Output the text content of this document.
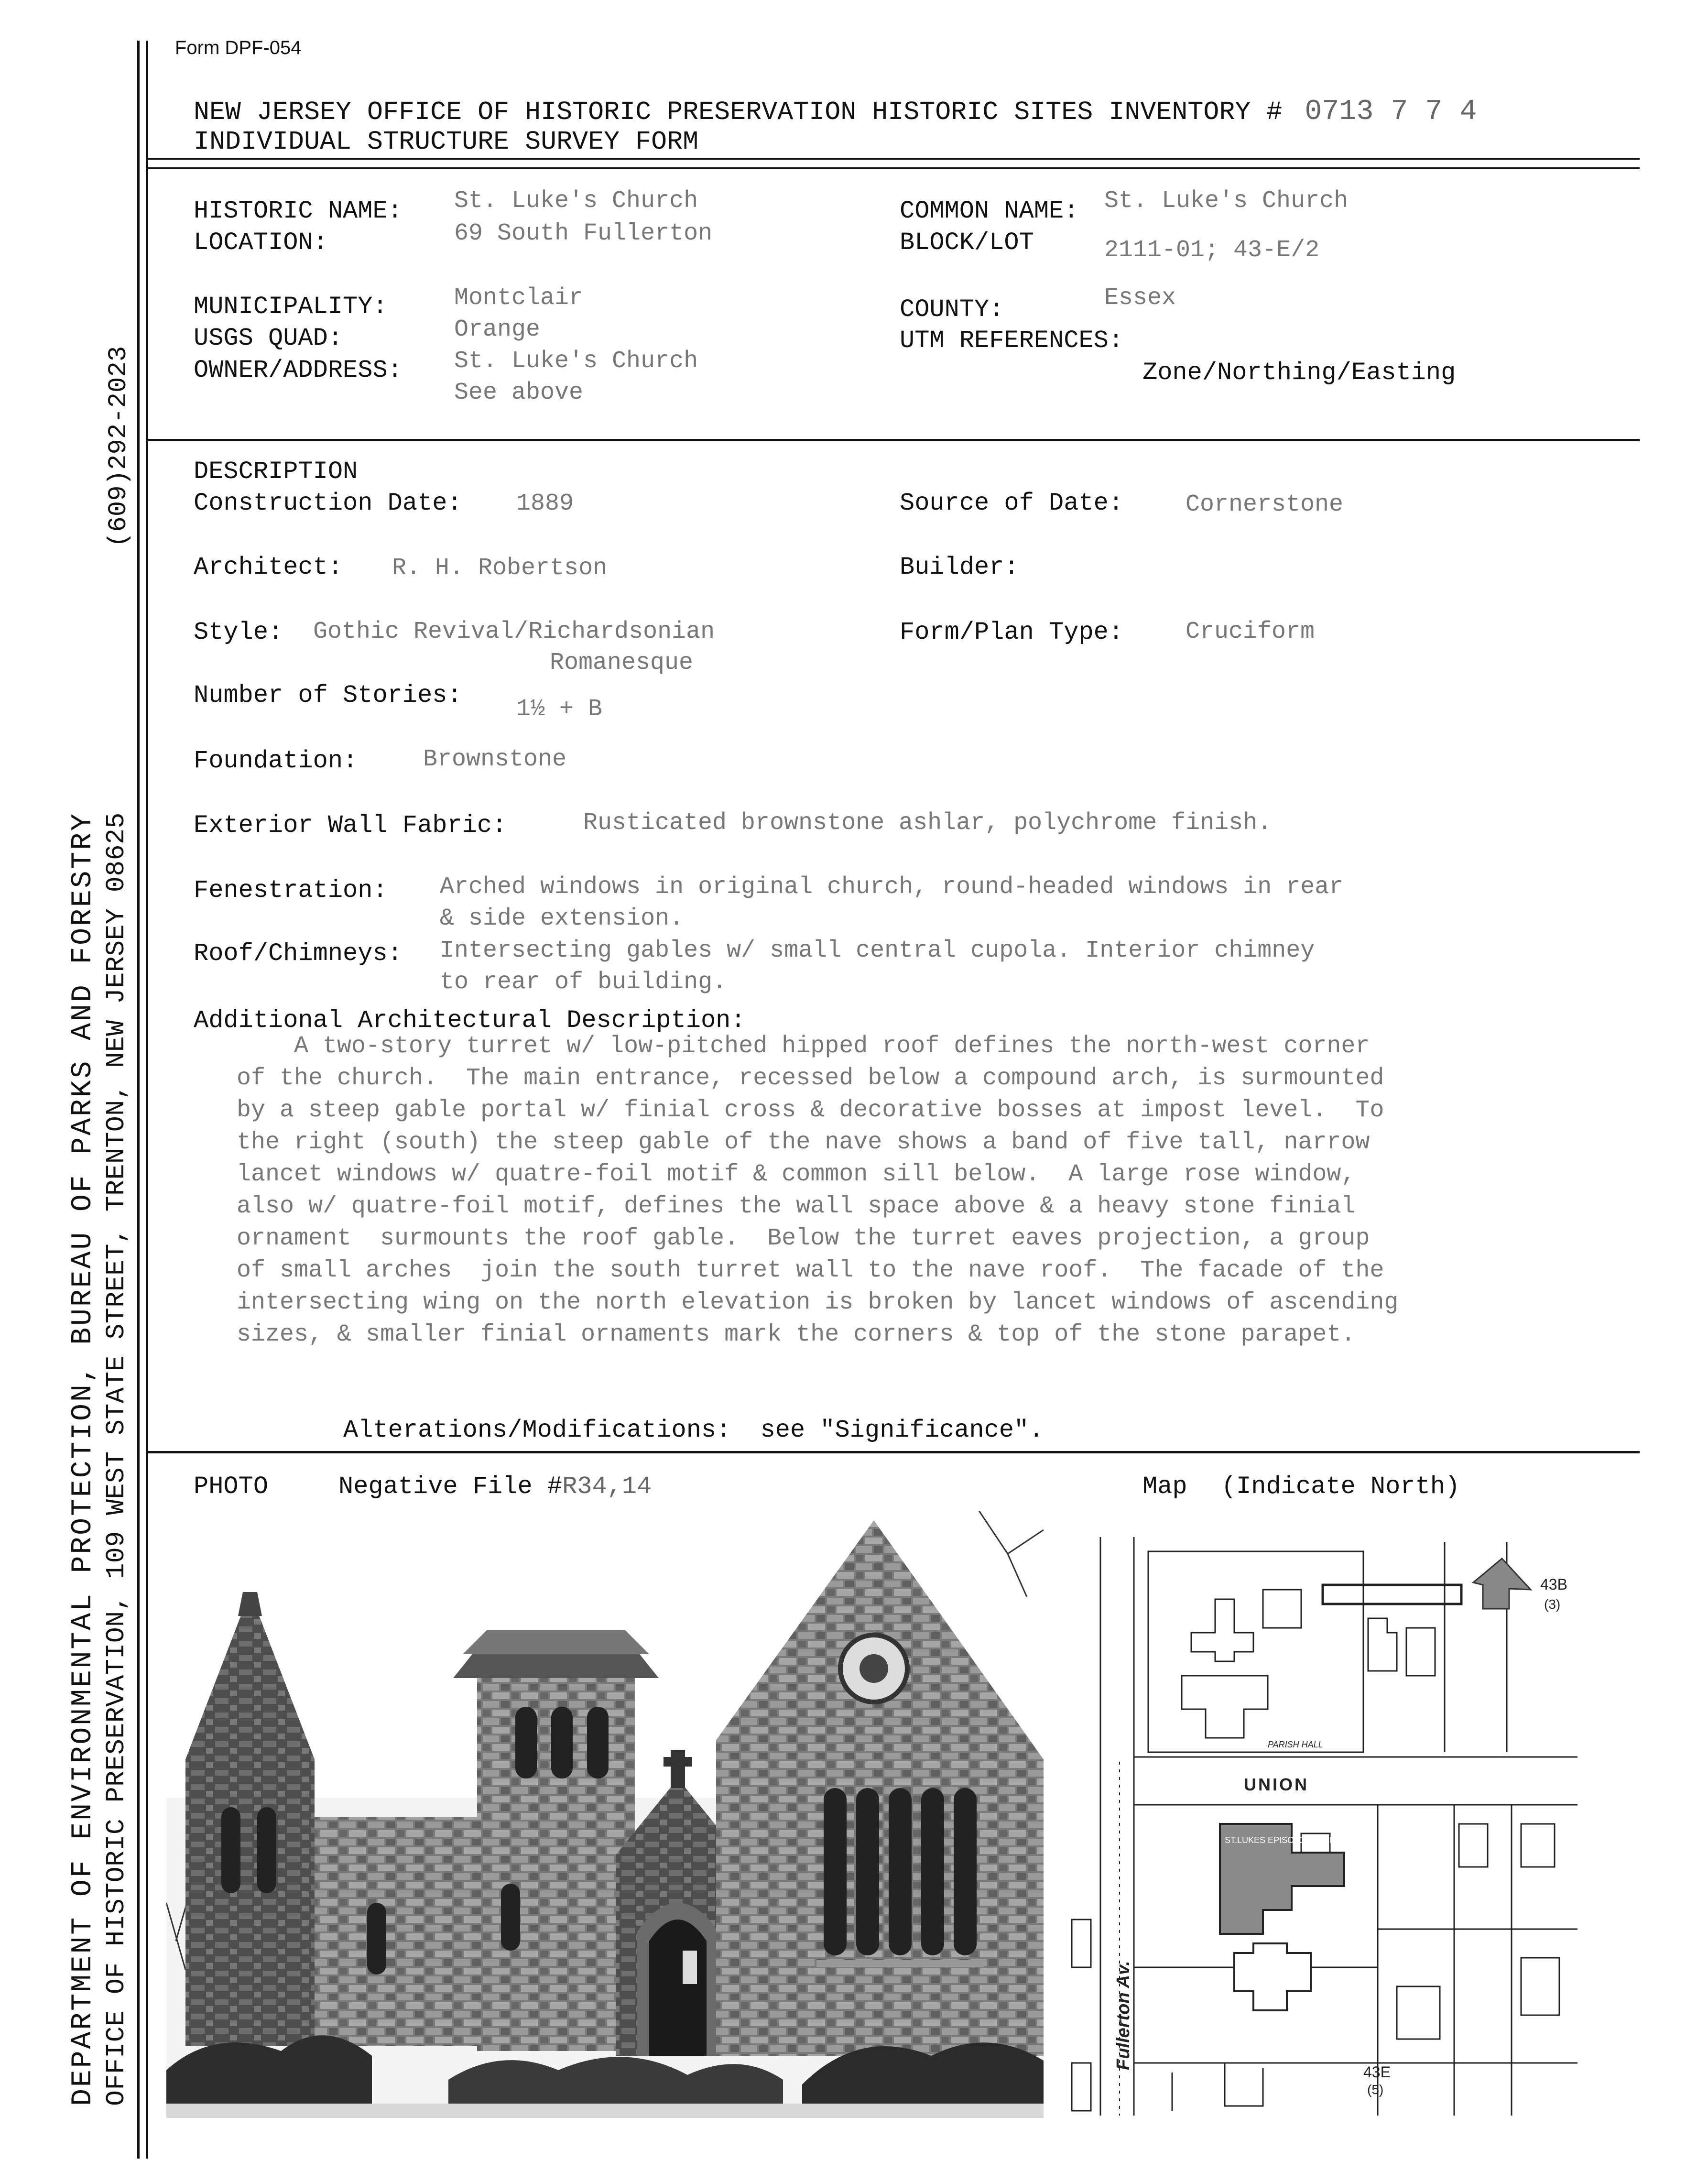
Form DPF-054
(609)292-2023
DEPARTMENT OF ENVIRONMENTAL PROTECTION, BUREAU OF PARKS AND FORESTRY OFFICE OF HISTORIC PRESERVATION, 109 WEST STATE STREET, TRENTON, NEW JERSEY 08625
NEW JERSEY OFFICE OF HISTORIC PRESERVATION HISTORIC SITES INVENTORY # 0713 7 7 4
INDIVIDUAL STRUCTURE SURVEY FORM
HISTORIC NAME: St. Luke's Church
LOCATION:	69 South Fullerton
MUNICIPALITY:	Montclair
USGS QUAD:	Orange
OWNER/ADDRESS: St. Luke's Church
See above
COMMON NAME: St. Luke's Church
BLOCK/LOT	2111-01; 43-E/2
COUNTY:	Essex
UTM REFERENCES:
Zone/Northing/Easting
DESCRIPTION
Construction Date: 1889	Source of Date:	Cornerstone
Architect: R. H. Robertson	Builder:
Style: Gothic Revival/Richardsonian
Romanesque
Form/Plan Type:	Cruciform
Number of Stories: 1½ + B
Foundation:	Brownstone
Exterior Wall Fabric:	Rusticated brownstone ashlar, polychrome finish.
Fenestration: Arched windows in original church, round-headed windows in rear
& side extension.
Roof/Chimneys: Intersecting gables w/ small central cupola. Interior chimney
to rear of building.
Additional Architectural Description:
A two-story turret w/ low-pitched hipped roof defines the north-west corner
of the church.  The main entrance, recessed below a compound arch, is surmounted
by a steep gable portal w/ finial cross & decorative bosses at impost level.  To
the right (south) the steep gable of the nave shows a band of five tall, narrow
lancet windows w/ quatre-foil motif & common sill below.  A large rose window,
also w/ quatre-foil motif, defines the wall space above & a heavy stone finial
ornament  surmounts the roof gable.  Below the turret eaves projection, a group
of small arches  join the south turret wall to the nave roof.  The facade of the
intersecting wing on the north elevation is broken by lancet windows of ascending
sizes, & smaller finial ornaments mark the corners & top of the stone parapet.
Alterations/Modifications: see "Significance".
PHOTO	Negative File #R34,14	Map (Indicate North)
UNION
Fullerton Av.
43B
(3)
43E
(5)
ST.LUKES EPISC. CHURCH
PARISH HALL
